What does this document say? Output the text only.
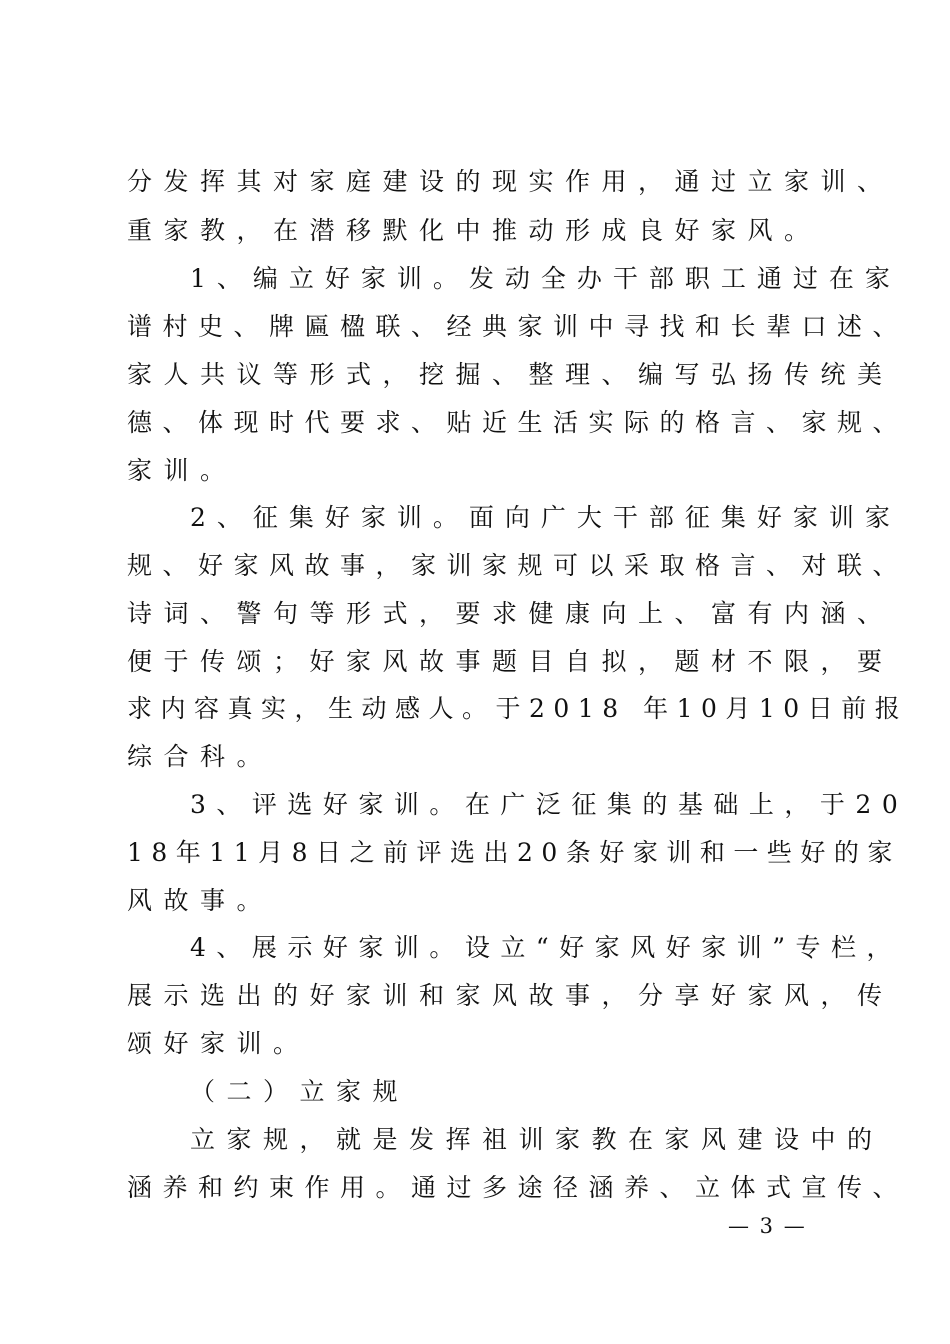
分发挥其对家庭建设的现实作用，通过立家训、
重家教，在潜移默化中推动形成良好家风。
1、编立好家训。发动全办干部职工通过在家
谱村史、牌匾楹联、经典家训中寻找和长辈口述、
家人共议等形式，挖掘、整理、编写弘扬传统美
德、体现时代要求、贴近生活实际的格言、家规、
家训。
2、征集好家训。面向广大干部征集好家训家
规、好家风故事，家训家规可以采取格言、对联、
诗词、警句等形式，要求健康向上、富有内涵、
便于传颂；好家风故事题目自拟，题材不限，要
求内容真实，生动感人。于2018 年10月10日前报
综合科。
3、评选好家训。在广泛征集的基础上，于20
18年11月8日之前评选出20条好家训和一些好的家
风故事。
4、展示好家训。设立“好家风好家训”专栏，
展示选出的好家训和家风故事，分享好家风，传
颂好家训。
（二）立家规
立家规，就是发挥祖训家教在家风建设中的
涵养和约束作用。通过多途径涵养、立体式宣传、
— 3 —
